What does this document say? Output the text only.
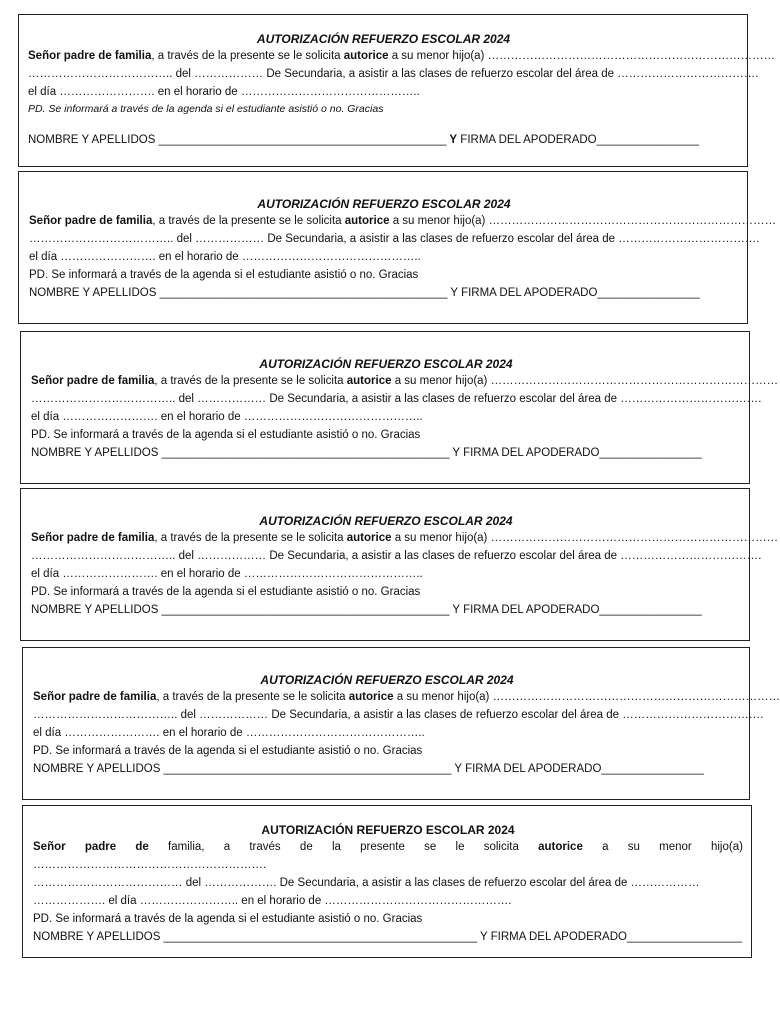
AUTORIZACIÓN REFUERZO ESCOLAR 2024
Señor padre de familia, a través de la presente se le solicita autorice a su menor hijo(a) …………………………………………………………………
……………………………….. del ……………… De Secundaria, a asistir a las clases de refuerzo escolar del área de ……………………………….
el día ……………………. en el horario de ………………………………………..
PD. Se informará a través de la agenda si el estudiante asistió o no. Gracias
NOMBRE Y APELLIDOS _____________________________________________ Y FIRMA DEL APODERADO________________
AUTORIZACIÓN REFUERZO ESCOLAR 2024
Señor padre de familia, a través de la presente se le solicita autorice a su menor hijo(a) …………………………………………………………………
……………………………….. del ……………… De Secundaria, a asistir a las clases de refuerzo escolar del área de ……………………………….
el día ……………………. en el horario de ………………………………………..
PD. Se informará a través de la agenda si el estudiante asistió o no. Gracias
NOMBRE Y APELLIDOS _____________________________________________ Y FIRMA DEL APODERADO________________
AUTORIZACIÓN REFUERZO ESCOLAR 2024
Señor padre de familia, a través de la presente se le solicita autorice a su menor hijo(a) …………………………………………………………………
……………………………….. del ……………… De Secundaria, a asistir a las clases de refuerzo escolar del área de ……………………………….
el día ……………………. en el horario de ………………………………………..
PD. Se informará a través de la agenda si el estudiante asistió o no. Gracias
NOMBRE Y APELLIDOS _____________________________________________ Y FIRMA DEL APODERADO________________
AUTORIZACIÓN REFUERZO ESCOLAR 2024
Señor padre de familia, a través de la presente se le solicita autorice a su menor hijo(a) …………………………………………………………………
……………………………….. del ……………… De Secundaria, a asistir a las clases de refuerzo escolar del área de ……………………………….
el día ……………………. en el horario de ………………………………………..
PD. Se informará a través de la agenda si el estudiante asistió o no. Gracias
NOMBRE Y APELLIDOS _____________________________________________ Y FIRMA DEL APODERADO________________
AUTORIZACIÓN REFUERZO ESCOLAR 2024
Señor padre de familia, a través de la presente se le solicita autorice a su menor hijo(a) …………………………………………………………………
……………………………….. del ……………… De Secundaria, a asistir a las clases de refuerzo escolar del área de ……………………………….
el día ……………………. en el horario de ………………………………………..
PD. Se informará a través de la agenda si el estudiante asistió o no. Gracias
NOMBRE Y APELLIDOS _____________________________________________ Y FIRMA DEL APODERADO________________
AUTORIZACIÓN REFUERZO ESCOLAR 2024
Señor padre de familia, a través de la presente se le solicita autorice a su menor hijo(a)
…………………………………………………….
………………………………… del ………………. De Secundaria, a asistir a las clases de refuerzo escolar del área de ………………
………………. el día …………………….. en el horario de ………………………………………….
PD. Se informará a través de la agenda si el estudiante asistió o no. Gracias
NOMBRE Y APELLIDOS _________________________________________________ Y FIRMA DEL APODERADO__________________
